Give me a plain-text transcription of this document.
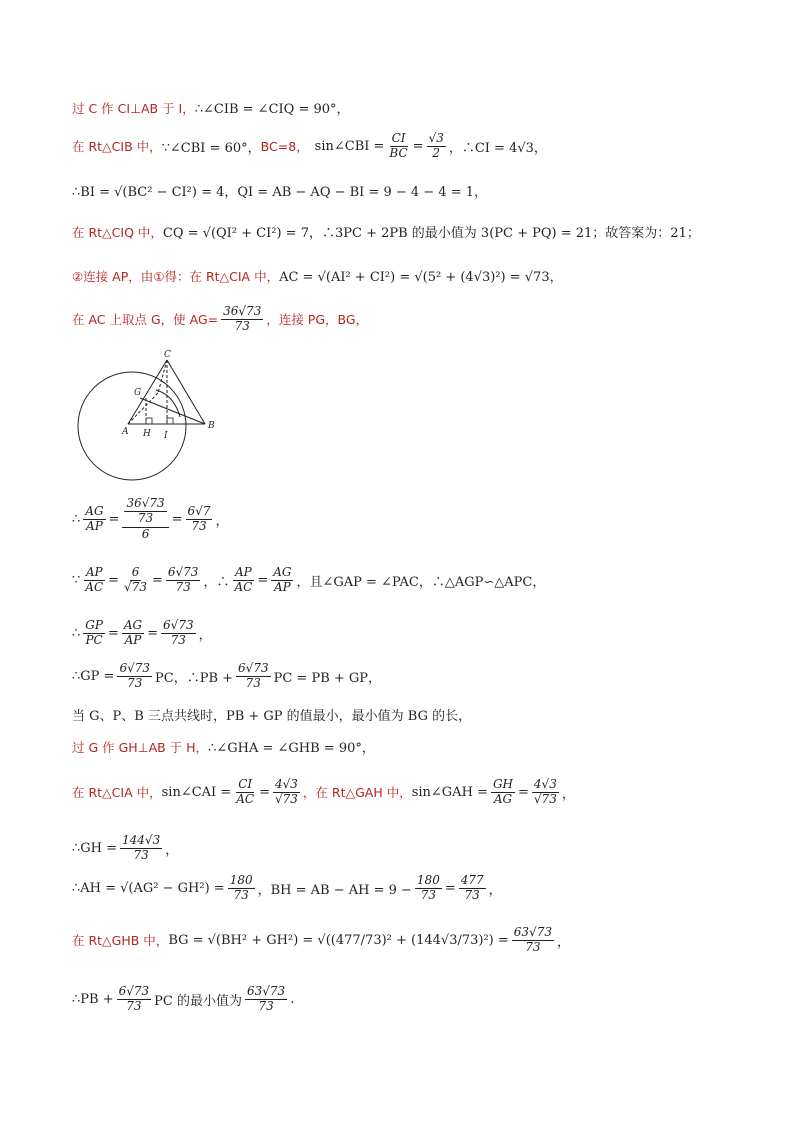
过 C 作 CI⊥AB 于 I， ∴∠CIB = ∠CIQ = 90°，
在 Rt△CIB 中， ∵∠CBI = 60°， BC=8， sin∠CBI = $\frac{CI}{BC} = \frac{√3}{2}$ ，∴CI = 4√3，
∴BI = √(BC² − CI²) = 4，QI = AB − AQ − BI = 9 − 4 − 4 = 1，
在 Rt△CIQ 中， CQ = √(QI² + CI²) = 7，∴3PC + 2PB 的最小值为 3(PC + PQ) = 21；故答案为：21；
②连接 AP，由①得：在 Rt△CIA 中， AC = √(AI² + CI²) = √(5² + (4√3)²) = √73，
在 AC 上取点 G，使 $AG= \frac{36√73}{73}$ ，连接 PG，BG，
C
G
A H I
B
∴ $\frac{AG}{AP} = \frac{\frac{36√73}{73}}{6} = \frac{6√7}{73}$ ，
∵ $\frac{AP}{AC} = \frac{6}{√73} = \frac{6√73}{73}$ ，∴ $\frac{AP}{AC} = \frac{AG}{AP}$ ，且∠GAP = ∠PAC，∴△AGP∽△APC，
∴ $\frac{GP}{PC} = \frac{AG}{AP} = \frac{6√73}{73}$ ，
∴GP = $\frac{6√73}{73}$ PC，∴PB + $\frac{6√73}{73}$ PC = PB + GP，
当 G、P、B 三点共线时，PB + GP 的值最小，最小值为 BG 的长，
过 G 作 GH⊥AB 于 H， ∴∠GHA = ∠GHB = 90°，
在 Rt△CIA 中， sin∠CAI = $\frac{CI}{AC} = \frac{4√3}{√73}$ ，在 Rt△GAH 中， sin∠GAH = $\frac{GH}{AG} = \frac{4√3}{√73}$ ，
∴GH = $\frac{144√3}{73}$ ，
∴AH = $√(AG^2 - GH^2) = \frac{180}{73}$ ，BH = AB − AH = $9 - \frac{180}{73} = \frac{477}{73}$ ，
在 Rt△GHB 中， BG = $√(BH^2 + GH^2) = √((477/73)^2 + (144√3/73)^2) = \frac{63√73}{73}$ ，
∴PB + $\frac{6√73}{73}$ PC 的最小值为 $\frac{63√73}{73}$ .
